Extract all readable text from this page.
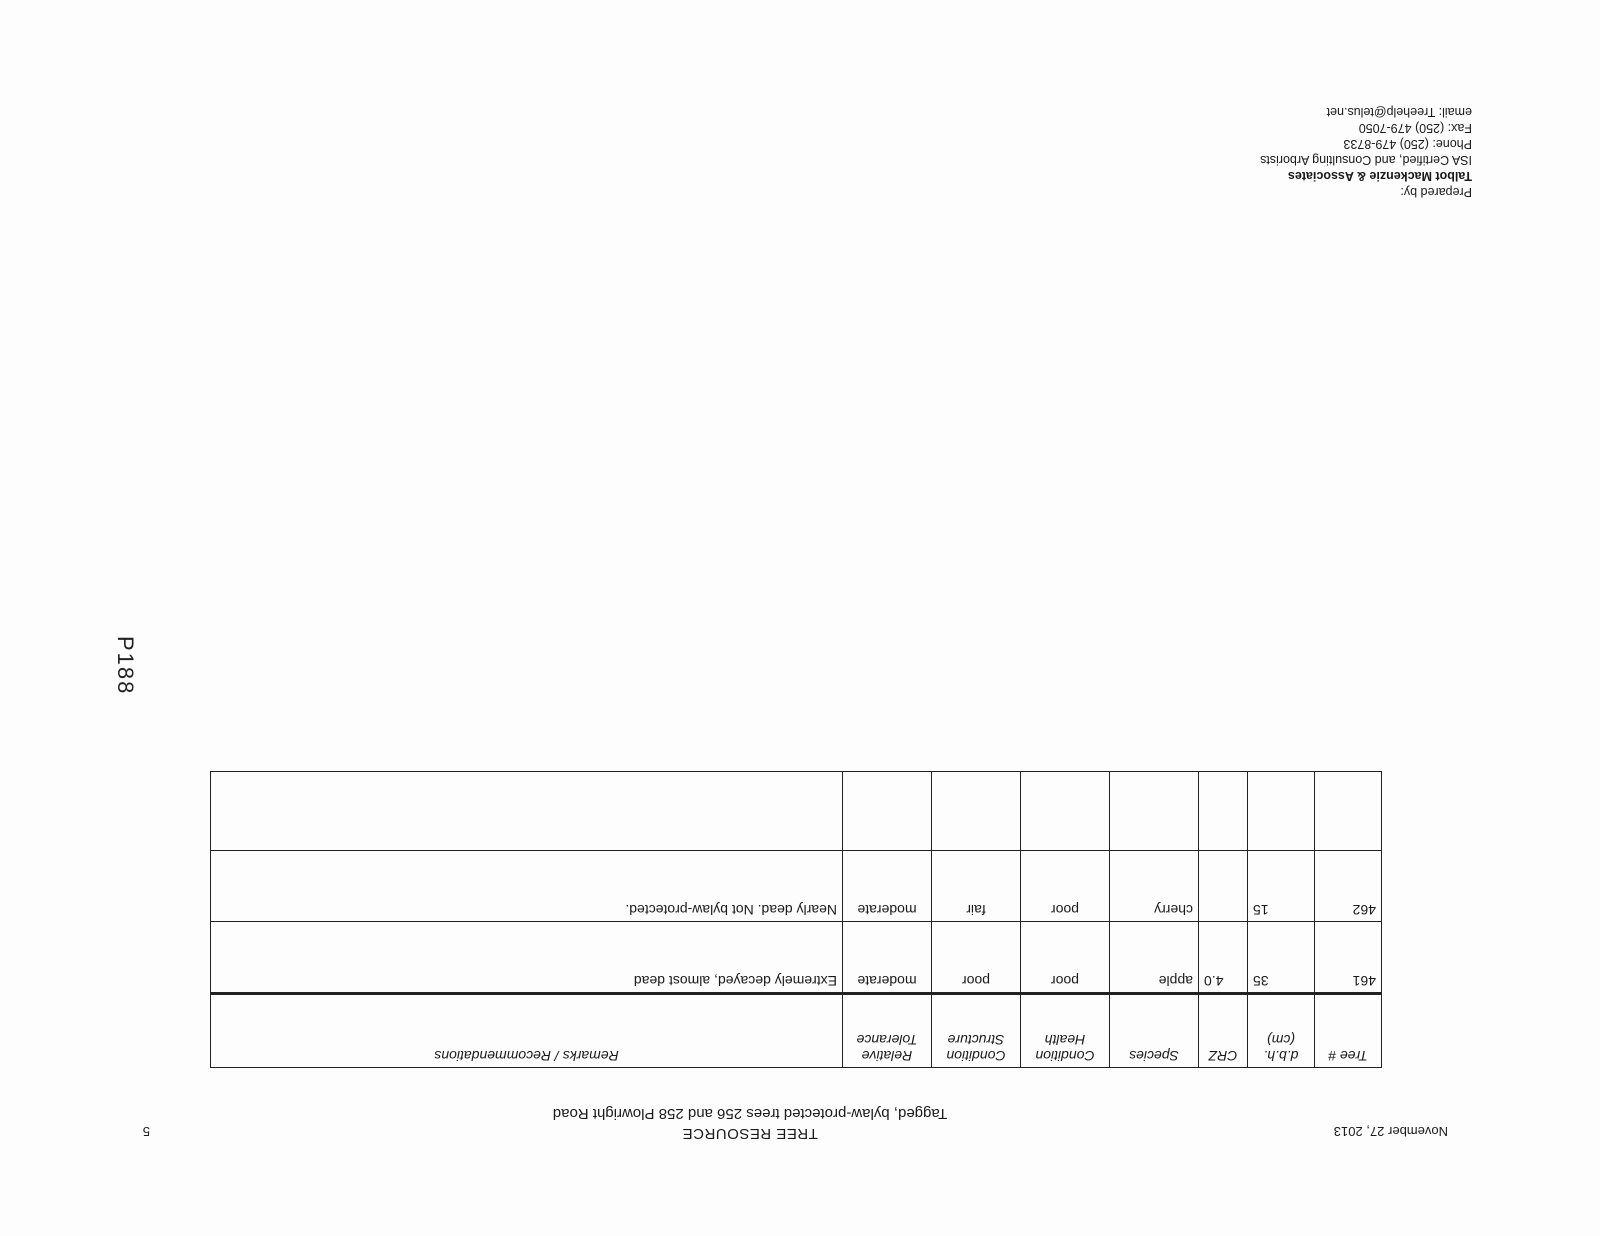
November 27, 2013
TREE RESOURCE
Tagged, bylaw-protected trees 256 and 258 Plowright Road
5
Tree #	d.b.h. (cm)	CRZ	Species	Condition Health	Condition Structure	Relative Tolerance	Remarks / Recommendations
461	35	4.0	apple	poor	poor	moderate	Extremely decayed, almost dead
462	15		cherry	poor	fair	moderate	Nearly dead. Not bylaw-protected.

Prepared by:
Talbot Mackenzie & Associates
ISA Certified, and Consulting Arborists
Phone: (250) 479-8733
Fax: (250) 479-7050
email: Treehelp@telus.net
P188
